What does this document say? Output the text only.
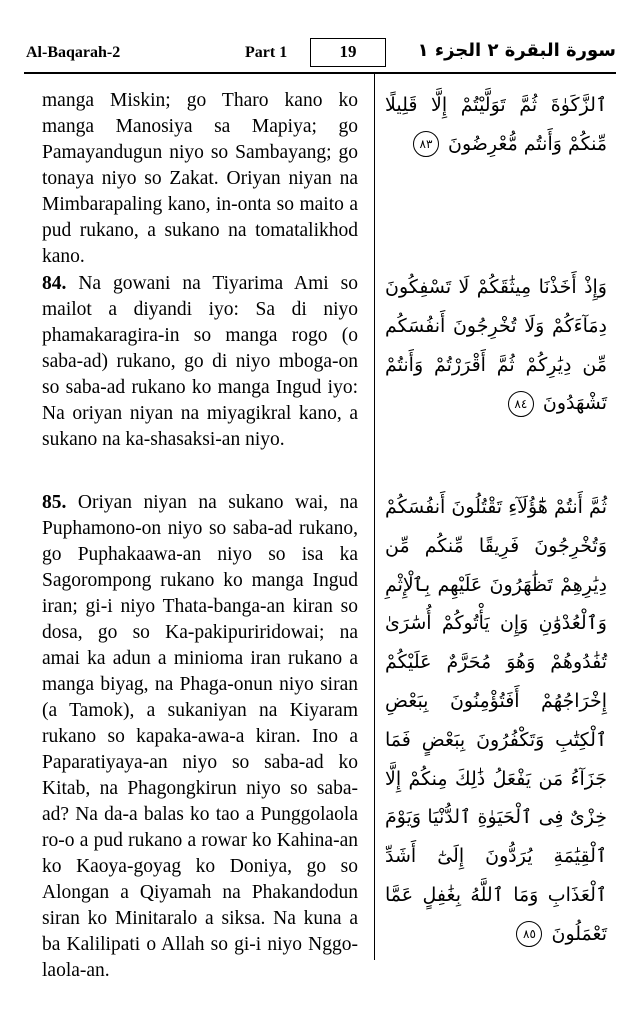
Al-Baqarah-2	Part 1	19	سورة البقرة ٢ الجزء ١

manga Miskin; go Tharo kano ko manga Manosiya sa Mapiya; go Pamayandugun niyo so Sambayang; go tonaya niyo so Zakat. Oriyan niyan na Mimbarapaling kano, in-onta so maito a pud rukano, a sukano na tomatalikhod kano.

ٱلزَّكَوٰةَ ثُمَّ تَوَلَّيْتُمْ إِلَّا قَلِيلًا مِّنكُمْ وَأَنتُم مُّعْرِضُونَ ٨٣

84. Na gowani na Tiyarima Ami so mailot a diyandi iyo: Sa di niyo phamakaragira-in so manga rogo (o saba-ad) rukano, go di niyo mboga-on so saba-ad rukano ko manga Ingud iyo: Na oriyan niyan na miyagikral kano, a sukano na ka-shasaksi-an niyo.

وَإِذْ أَخَذْنَا مِيثَٰقَكُمْ لَا تَسْفِكُونَ دِمَآءَكُمْ وَلَا تُخْرِجُونَ أَنفُسَكُم مِّن دِيَٰرِكُمْ ثُمَّ أَقْرَرْتُمْ وَأَنتُمْ تَشْهَدُونَ ٨٤

85. Oriyan niyan na sukano wai, na Puphamono-on niyo so saba-ad rukano, go Puphakaawa-an niyo so isa ka Sagorompong rukano ko manga Ingud iran; gi-i niyo Thata-banga-an kiran so dosa, go so Ka-pakipuriridowai; na amai ka adun a minioma iran rukano a manga biyag, na Phaga-onun niyo siran (a Tamok), a sukaniyan na Kiyaram rukano so kapaka-awa-a kiran. Ino a Paparatiyaya-an niyo so saba-ad ko Kitab, na Phagongkirun niyo so saba-ad? Na da-a balas ko tao a Punggolaola ro-o a pud rukano a rowar ko Kahina-an ko Kaoya-goyag ko Doniya, go so Alongan a Qiyamah na Phakandodun siran ko Minitaralo a siksa. Na kuna a ba Kalilipati o Allah so gi-i niyo Nggo-laola-an.

ثُمَّ أَنتُمْ هَٰٓؤُلَآءِ تَقْتُلُونَ أَنفُسَكُمْ وَتُخْرِجُونَ فَرِيقًا مِّنكُم مِّن دِيَٰرِهِمْ تَظَٰهَرُونَ عَلَيْهِم بِٱلْإِثْمِ وَٱلْعُدْوَٰنِ وَإِن يَأْتُوكُمْ أُسَٰرَىٰ تُفَٰدُوهُمْ وَهُوَ مُحَرَّمٌ عَلَيْكُمْ إِخْرَاجُهُمْ أَفَتُؤْمِنُونَ بِبَعْضِ ٱلْكِتَٰبِ وَتَكْفُرُونَ بِبَعْضٍ فَمَا جَزَآءُ مَن يَفْعَلُ ذَٰلِكَ مِنكُمْ إِلَّا خِزْىٌ فِى ٱلْحَيَوٰةِ ٱلدُّنْيَا وَيَوْمَ ٱلْقِيَٰمَةِ يُرَدُّونَ إِلَىٰٓ أَشَدِّ ٱلْعَذَابِ وَمَا ٱللَّهُ بِغَٰفِلٍ عَمَّا تَعْمَلُونَ ٨٥
